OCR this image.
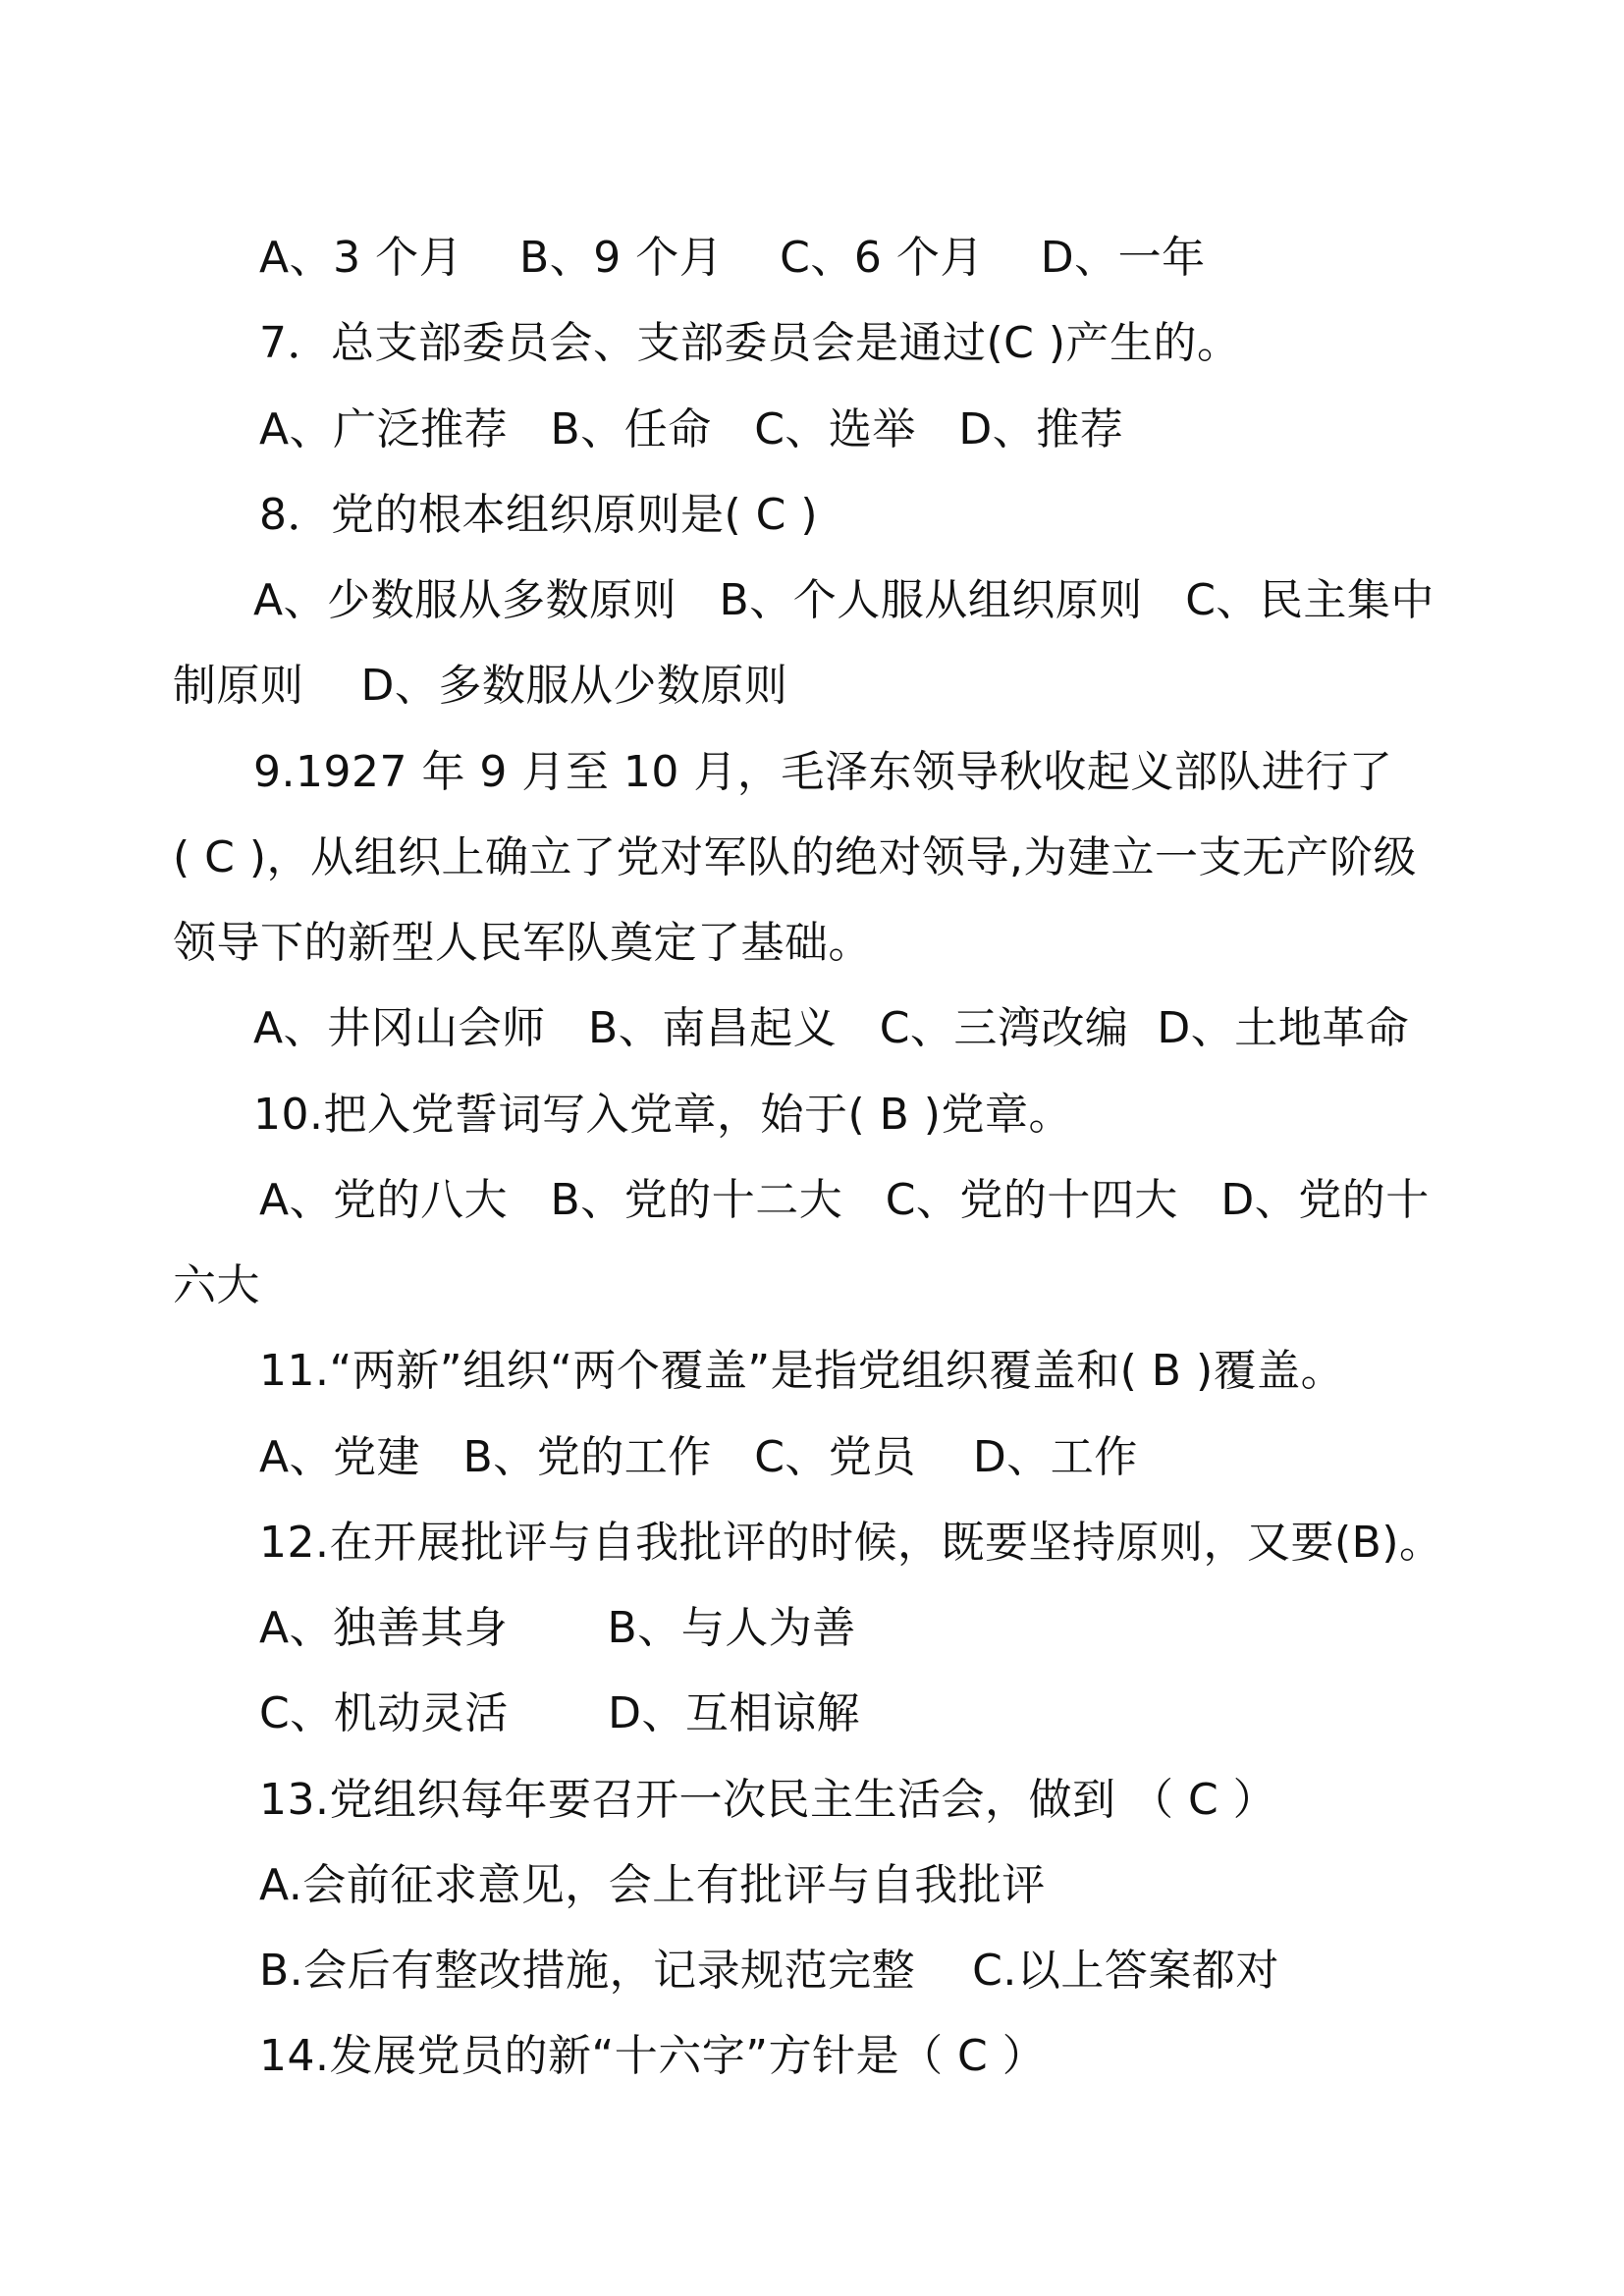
A、3 个月    B、9 个月    C、6 个月    D、一年
7．总支部委员会、支部委员会是通过(C )产生的。
A、广泛推荐   B、任命   C、选举   D、推荐
8．党的根本组织原则是( C )
A、少数服从多数原则   B、个人服从组织原则   C、民主集中
制原则    D、多数服从少数原则
9.1927 年 9 月至 10 月，毛泽东领导秋收起义部队进行了
( C )，从组织上确立了党对军队的绝对领导,为建立一支无产阶级
领导下的新型人民军队奠定了基础。
A、井冈山会师   B、南昌起义   C、三湾改编  D、土地革命
10.把入党誓词写入党章，始于( B )党章。
A、党的八大   B、党的十二大   C、党的十四大   D、党的十
六大
11.“两新”组织“两个覆盖”是指党组织覆盖和( B )覆盖。
A、党建   B、党的工作   C、党员    D、工作
12.在开展批评与自我批评的时候，既要坚持原则，又要(B)。
A、独善其身       B、与人为善
C、机动灵活       D、互相谅解
13.党组织每年要召开一次民主生活会，做到 （ C ）
A.会前征求意见，会上有批评与自我批评
B.会后有整改措施，记录规范完整    C.以上答案都对
14.发展党员的新“十六字”方针是（ C ）
